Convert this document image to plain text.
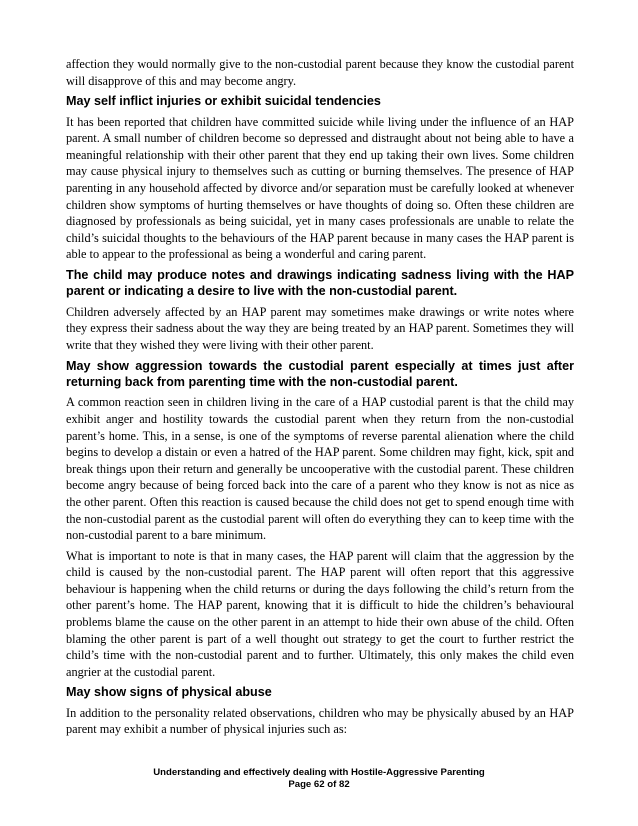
affection they would normally give to the non-custodial parent because they know the custodial parent will disapprove of this and may become angry.

May self inflict injuries or exhibit suicidal tendencies

It has been reported that children have committed suicide while living under the influence of an HAP parent. A small number of children become so depressed and distraught about not being able to have a meaningful relationship with their other parent that they end up taking their own lives. Some children may cause physical injury to themselves such as cutting or burning themselves. The presence of HAP parenting in any household affected by divorce and/or separation must be carefully looked at whenever children show symptoms of hurting themselves or have thoughts of doing so. Often these children are diagnosed by professionals as being suicidal, yet in many cases professionals are unable to relate the child’s suicidal thoughts to the behaviours of the HAP parent because in many cases the HAP parent is able to appear to the professional as being a wonderful and caring parent.

The child may produce notes and drawings indicating sadness living with the HAP parent or indicating a desire to live with the non-custodial parent.

Children adversely affected by an HAP parent may sometimes make drawings or write notes where they express their sadness about the way they are being treated by an HAP parent. Sometimes they will write that they wished they were living with their other parent.

May show aggression towards the custodial parent especially at times just after returning back from parenting time with the non-custodial parent.

A common reaction seen in children living in the care of a HAP custodial parent is that the child may exhibit anger and hostility towards the custodial parent when they return from the non-custodial parent’s home. This, in a sense, is one of the symptoms of reverse parental alienation where the child begins to develop a distain or even a hatred of the HAP parent. Some children may fight, kick, spit and break things upon their return and generally be uncooperative with the custodial parent. These children become angry because of being forced back into the care of a parent who they know is not as nice as the other parent. Often this reaction is caused because the child does not get to spend enough time with the non-custodial parent as the custodial parent will often do everything they can to keep time with the non-custodial parent to a bare minimum.

What is important to note is that in many cases, the HAP parent will claim that the aggression by the child is caused by the non-custodial parent. The HAP parent will often report that this aggressive behaviour is happening when the child returns or during the days following the child’s return from the other parent’s home. The HAP parent, knowing that it is difficult to hide the children’s behavioural problems blame the cause on the other parent in an attempt to hide their own abuse of the child. Often blaming the other parent is part of a well thought out strategy to get the court to further restrict the child’s time with the non-custodial parent and to further. Ultimately, this only makes the child even angrier at the custodial parent.

May show signs of physical abuse

In addition to the personality related observations, children who may be physically abused by an HAP parent may exhibit a number of physical injuries such as:

Understanding and effectively dealing with Hostile-Aggressive Parenting
Page 62 of 82
